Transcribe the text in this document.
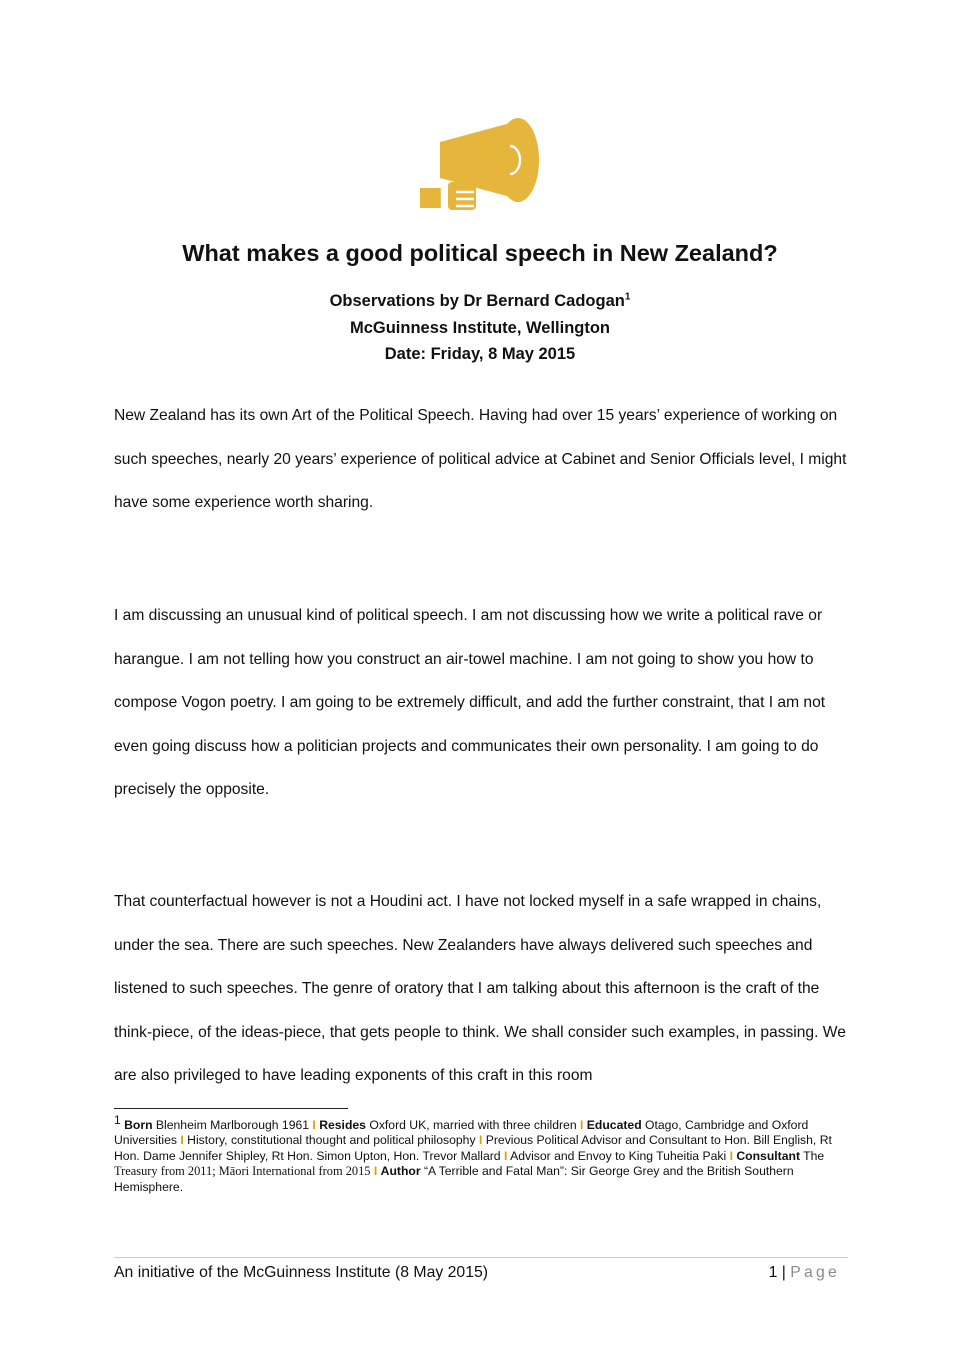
What makes a good political speech in New Zealand?
Observations by Dr Bernard Cadogan$^1$
McGuinness Institute, Wellington
Date: Friday, 8 May 2015

New Zealand has its own Art of the Political Speech. Having had over 15 years’ experience of working on such speeches, nearly 20 years’ experience of political advice at Cabinet and Senior Officials level, I might have some experience worth sharing.

I am discussing an unusual kind of political speech. I am not discussing how we write a political rave or harangue. I am not telling how you construct an air-towel machine. I am not going to show you how to compose Vogon poetry. I am going to be extremely difficult, and add the further constraint, that I am not even going discuss how a politician projects and communicates their own personality. I am going to do precisely the opposite.

That counterfactual however is not a Houdini act. I have not locked myself in a safe wrapped in chains, under the sea. There are such speeches. New Zealanders have always delivered such speeches and listened to such speeches. The genre of oratory that I am talking about this afternoon is the craft of the think-piece, of the ideas-piece, that gets people to think. We shall consider such examples, in passing. We are also privileged to have leading exponents of this craft in this room

1 Born Blenheim Marlborough 1961 I Resides Oxford UK, married with three children I Educated Otago, Cambridge and Oxford Universities I History, constitutional thought and political philosophy I Previous Political Advisor and Consultant to Hon. Bill English, Rt Hon. Dame Jennifer Shipley, Rt Hon. Simon Upton, Hon. Trevor Mallard I Advisor and Envoy to King Tuheitia Paki I Consultant The Treasury from 2011; Māori International from 2015 I Author “A Terrible and Fatal Man”: Sir George Grey and the British Southern Hemisphere.
An initiative of the McGuinness Institute (8 May 2015)	1 | Page
